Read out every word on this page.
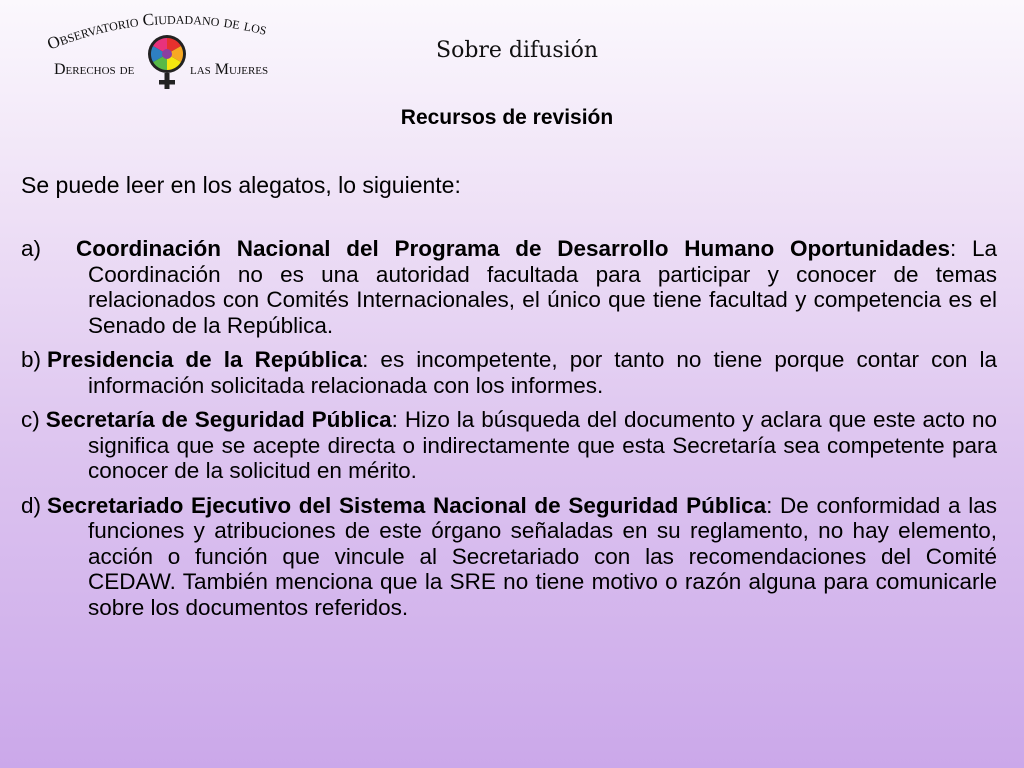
Observatorio Ciudadano de los
Derechos de	las Mujeres
Sobre difusión
Recursos de revisión
Se puede leer en los alegatos, lo siguiente:
a) Coordinación Nacional del Programa de Desarrollo Humano Oportunidades: La Coordinación no es una autoridad facultada para participar y conocer de temas relacionados con Comités Internacionales, el único que tiene facultad y competencia es el Senado de la República.
b) Presidencia de la República: es incompetente, por tanto no tiene porque contar con la información solicitada relacionada con los informes.
c) Secretaría de Seguridad Pública: Hizo la búsqueda del documento y aclara que este acto no significa que se acepte directa o indirectamente que esta Secretaría sea competente para conocer de la solicitud en mérito.
d) Secretariado Ejecutivo del Sistema Nacional de Seguridad Pública: De conformidad a las funciones y atribuciones de este órgano señaladas en su reglamento, no hay elemento, acción o función que vincule al Secretariado con las recomendaciones del Comité CEDAW. También menciona que la SRE no tiene motivo o razón alguna para comunicarle sobre los documentos referidos.
